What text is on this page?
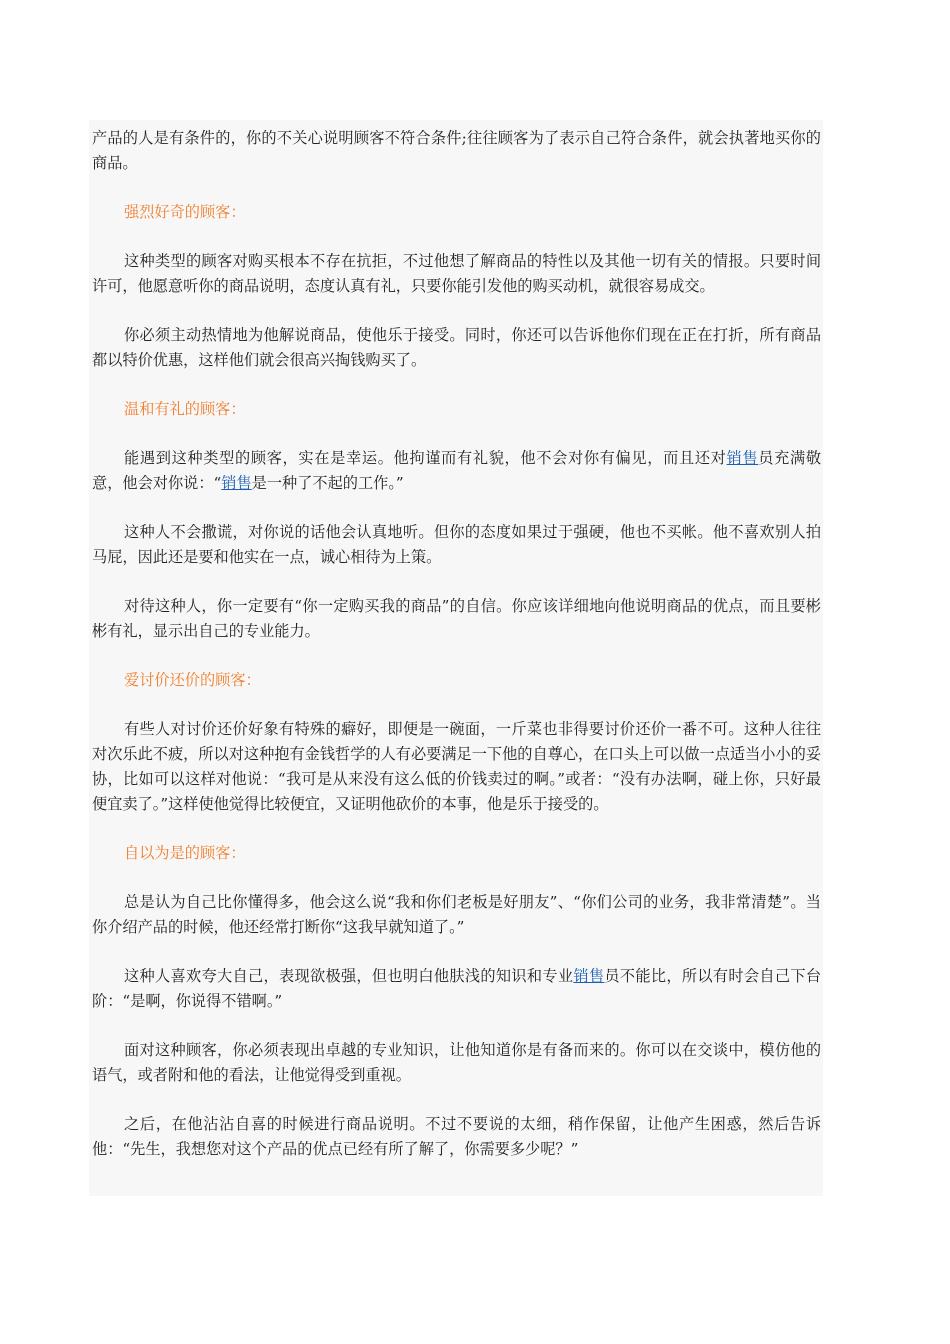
产品的人是有条件的，你的不关心说明顾客不符合条件;往往顾客为了表示自己符合条件，就会执著地买你的商品。

强烈好奇的顾客：

这种类型的顾客对购买根本不存在抗拒，不过他想了解商品的特性以及其他一切有关的情报。只要时间许可，他愿意听你的商品说明，态度认真有礼，只要你能引发他的购买动机，就很容易成交。

你必须主动热情地为他解说商品，使他乐于接受。同时，你还可以告诉他你们现在正在打折，所有商品都以特价优惠，这样他们就会很高兴掏钱购买了。

温和有礼的顾客：

能遇到这种类型的顾客，实在是幸运。他拘谨而有礼貌，他不会对你有偏见，而且还对销售员充满敬意，他会对你说：“销售是一种了不起的工作。”

这种人不会撒谎，对你说的话他会认真地听。但你的态度如果过于强硬，他也不买帐。他不喜欢别人拍马屁，因此还是要和他实在一点，诚心相待为上策。

对待这种人，你一定要有“你一定购买我的商品”的自信。你应该详细地向他说明商品的优点，而且要彬彬有礼，显示出自己的专业能力。

爱讨价还价的顾客：

有些人对讨价还价好象有特殊的癖好，即便是一碗面，一斤菜也非得要讨价还价一番不可。这种人往往对次乐此不疲，所以对这种抱有金钱哲学的人有必要满足一下他的自尊心，在口头上可以做一点适当小小的妥协，比如可以这样对他说：“我可是从来没有这么低的价钱卖过的啊。”或者：“没有办法啊，碰上你，只好最便宜卖了。”这样使他觉得比较便宜，又证明他砍价的本事，他是乐于接受的。

自以为是的顾客：

总是认为自己比你懂得多，他会这么说“我和你们老板是好朋友”、“你们公司的业务，我非常清楚”。当你介绍产品的时候，他还经常打断你“这我早就知道了。”

这种人喜欢夸大自己，表现欲极强，但也明白他肤浅的知识和专业销售员不能比，所以有时会自己下台阶：“是啊，你说得不错啊。”

面对这种顾客，你必须表现出卓越的专业知识，让他知道你是有备而来的。你可以在交谈中，模仿他的语气，或者附和他的看法，让他觉得受到重视。

之后，在他沾沾自喜的时候进行商品说明。不过不要说的太细，稍作保留，让他产生困惑，然后告诉他：“先生，我想您对这个产品的优点已经有所了解了，你需要多少呢？”
